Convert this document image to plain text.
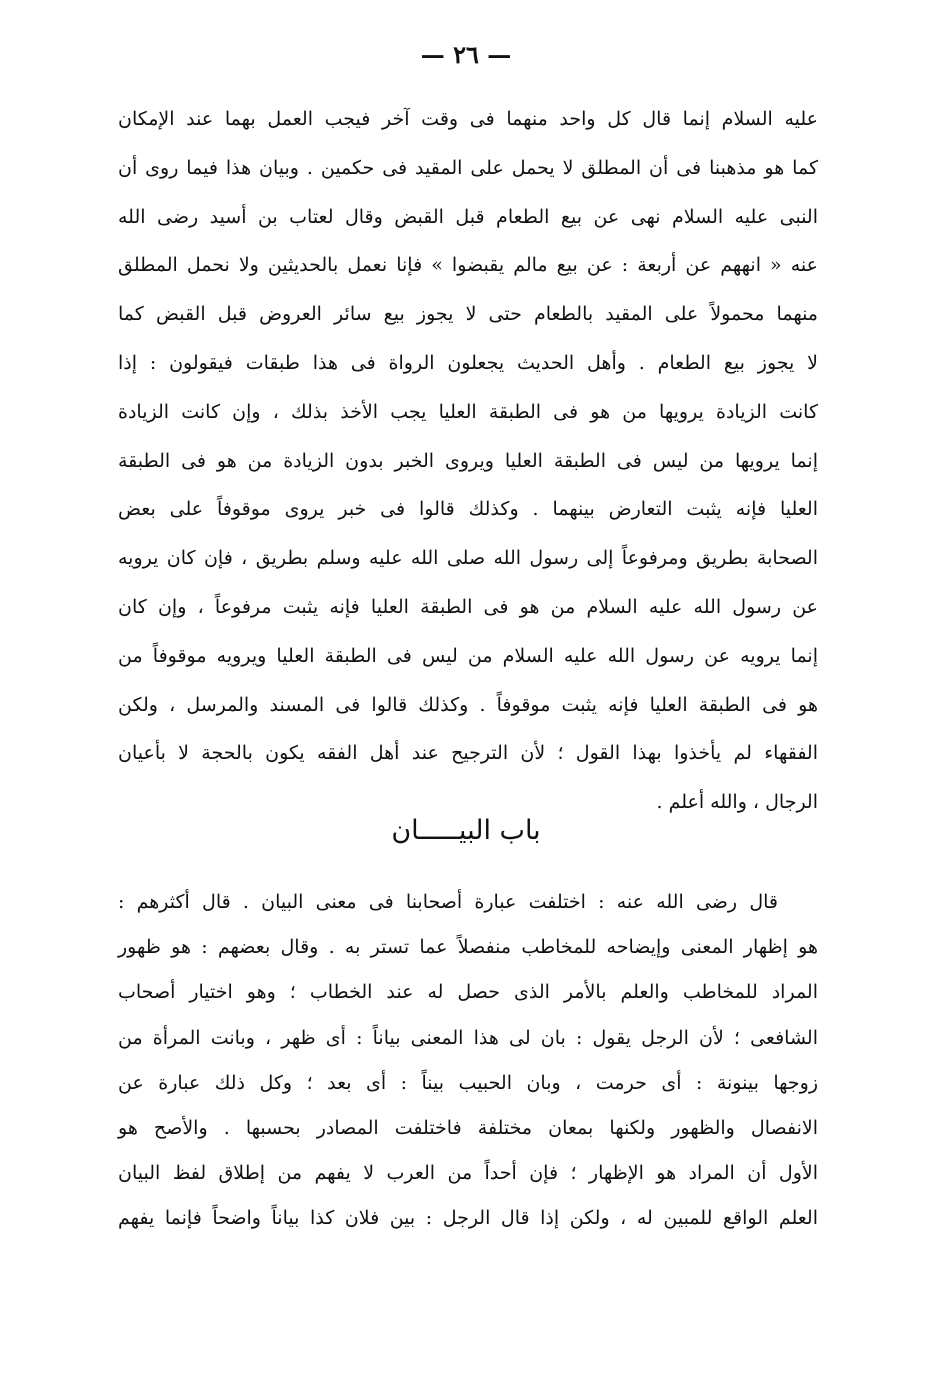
— ٢٦ —
عليه السلام إنما قال كل واحد منهما فى وقت آخر فيجب العمل بهما عند الإمكان
كما هو مذهبنا فى أن المطلق لا يحمل على المقيد فى حكمين . وبيان هذا فيما روى أن
النبى عليه السلام نهى عن بيع الطعام قبل القبض وقال لعتاب بن أسيد رضى الله
عنه « انههم عن أربعة : عن بيع مالم يقبضوا » فإنا نعمل بالحديثين ولا نحمل المطلق
منهما محمولاً على المقيد بالطعام حتى لا يجوز بيع سائر العروض قبل القبض كما
لا يجوز بيع الطعام . وأهل الحديث يجعلون الرواة فى هذا طبقات فيقولون : إذا
كانت الزيادة يرويها من هو فى الطبقة العليا يجب الأخذ بذلك ، وإن كانت الزيادة
إنما يرويها من ليس فى الطبقة العليا ويروى الخبر بدون الزيادة من هو فى الطبقة
العليا فإنه يثبت التعارض بينهما . وكذلك قالوا فى خبر يروى موقوفاً على بعض
الصحابة بطريق ومرفوعاً إلى رسول الله صلى الله عليه وسلم بطريق ، فإن كان يرويه
عن رسول الله عليه السلام من هو فى الطبقة العليا فإنه يثبت مرفوعاً ، وإن كان
إنما يرويه عن رسول الله عليه السلام من ليس فى الطبقة العليا ويرويه موقوفاً من
هو فى الطبقة العليا فإنه يثبت موقوفاً . وكذلك قالوا فى المسند والمرسل ، ولكن
الفقهاء لم يأخذوا بهذا القول ؛ لأن الترجيح عند أهل الفقه يكون بالحجة لا بأعيان
الرجال ، والله أعلم .
باب البيـــــان
قال رضى الله عنه : اختلفت عبارة أصحابنا فى معنى البيان . قال أكثرهم :
هو إظهار المعنى وإيضاحه للمخاطب منفصلاً عما تستر به . وقال بعضهم : هو ظهور
المراد للمخاطب والعلم بالأمر الذى حصل له عند الخطاب ؛ وهو اختيار أصحاب
الشافعى ؛ لأن الرجل يقول : بان لى هذا المعنى بياناً : أى ظهر ، وبانت المرأة من
زوجها بينونة : أى حرمت ، وبان الحبيب بيناً : أى بعد ؛ وكل ذلك عبارة عن
الانفصال والظهور ولكنها بمعان مختلفة فاختلفت المصادر بحسبها . والأصح هو
الأول أن المراد هو الإظهار ؛ فإن أحداً من العرب لا يفهم من إطلاق لفظ البيان
العلم الواقع للمبين له ، ولكن إذا قال الرجل : بين فلان كذا بياناً واضحاً فإنما يفهم
